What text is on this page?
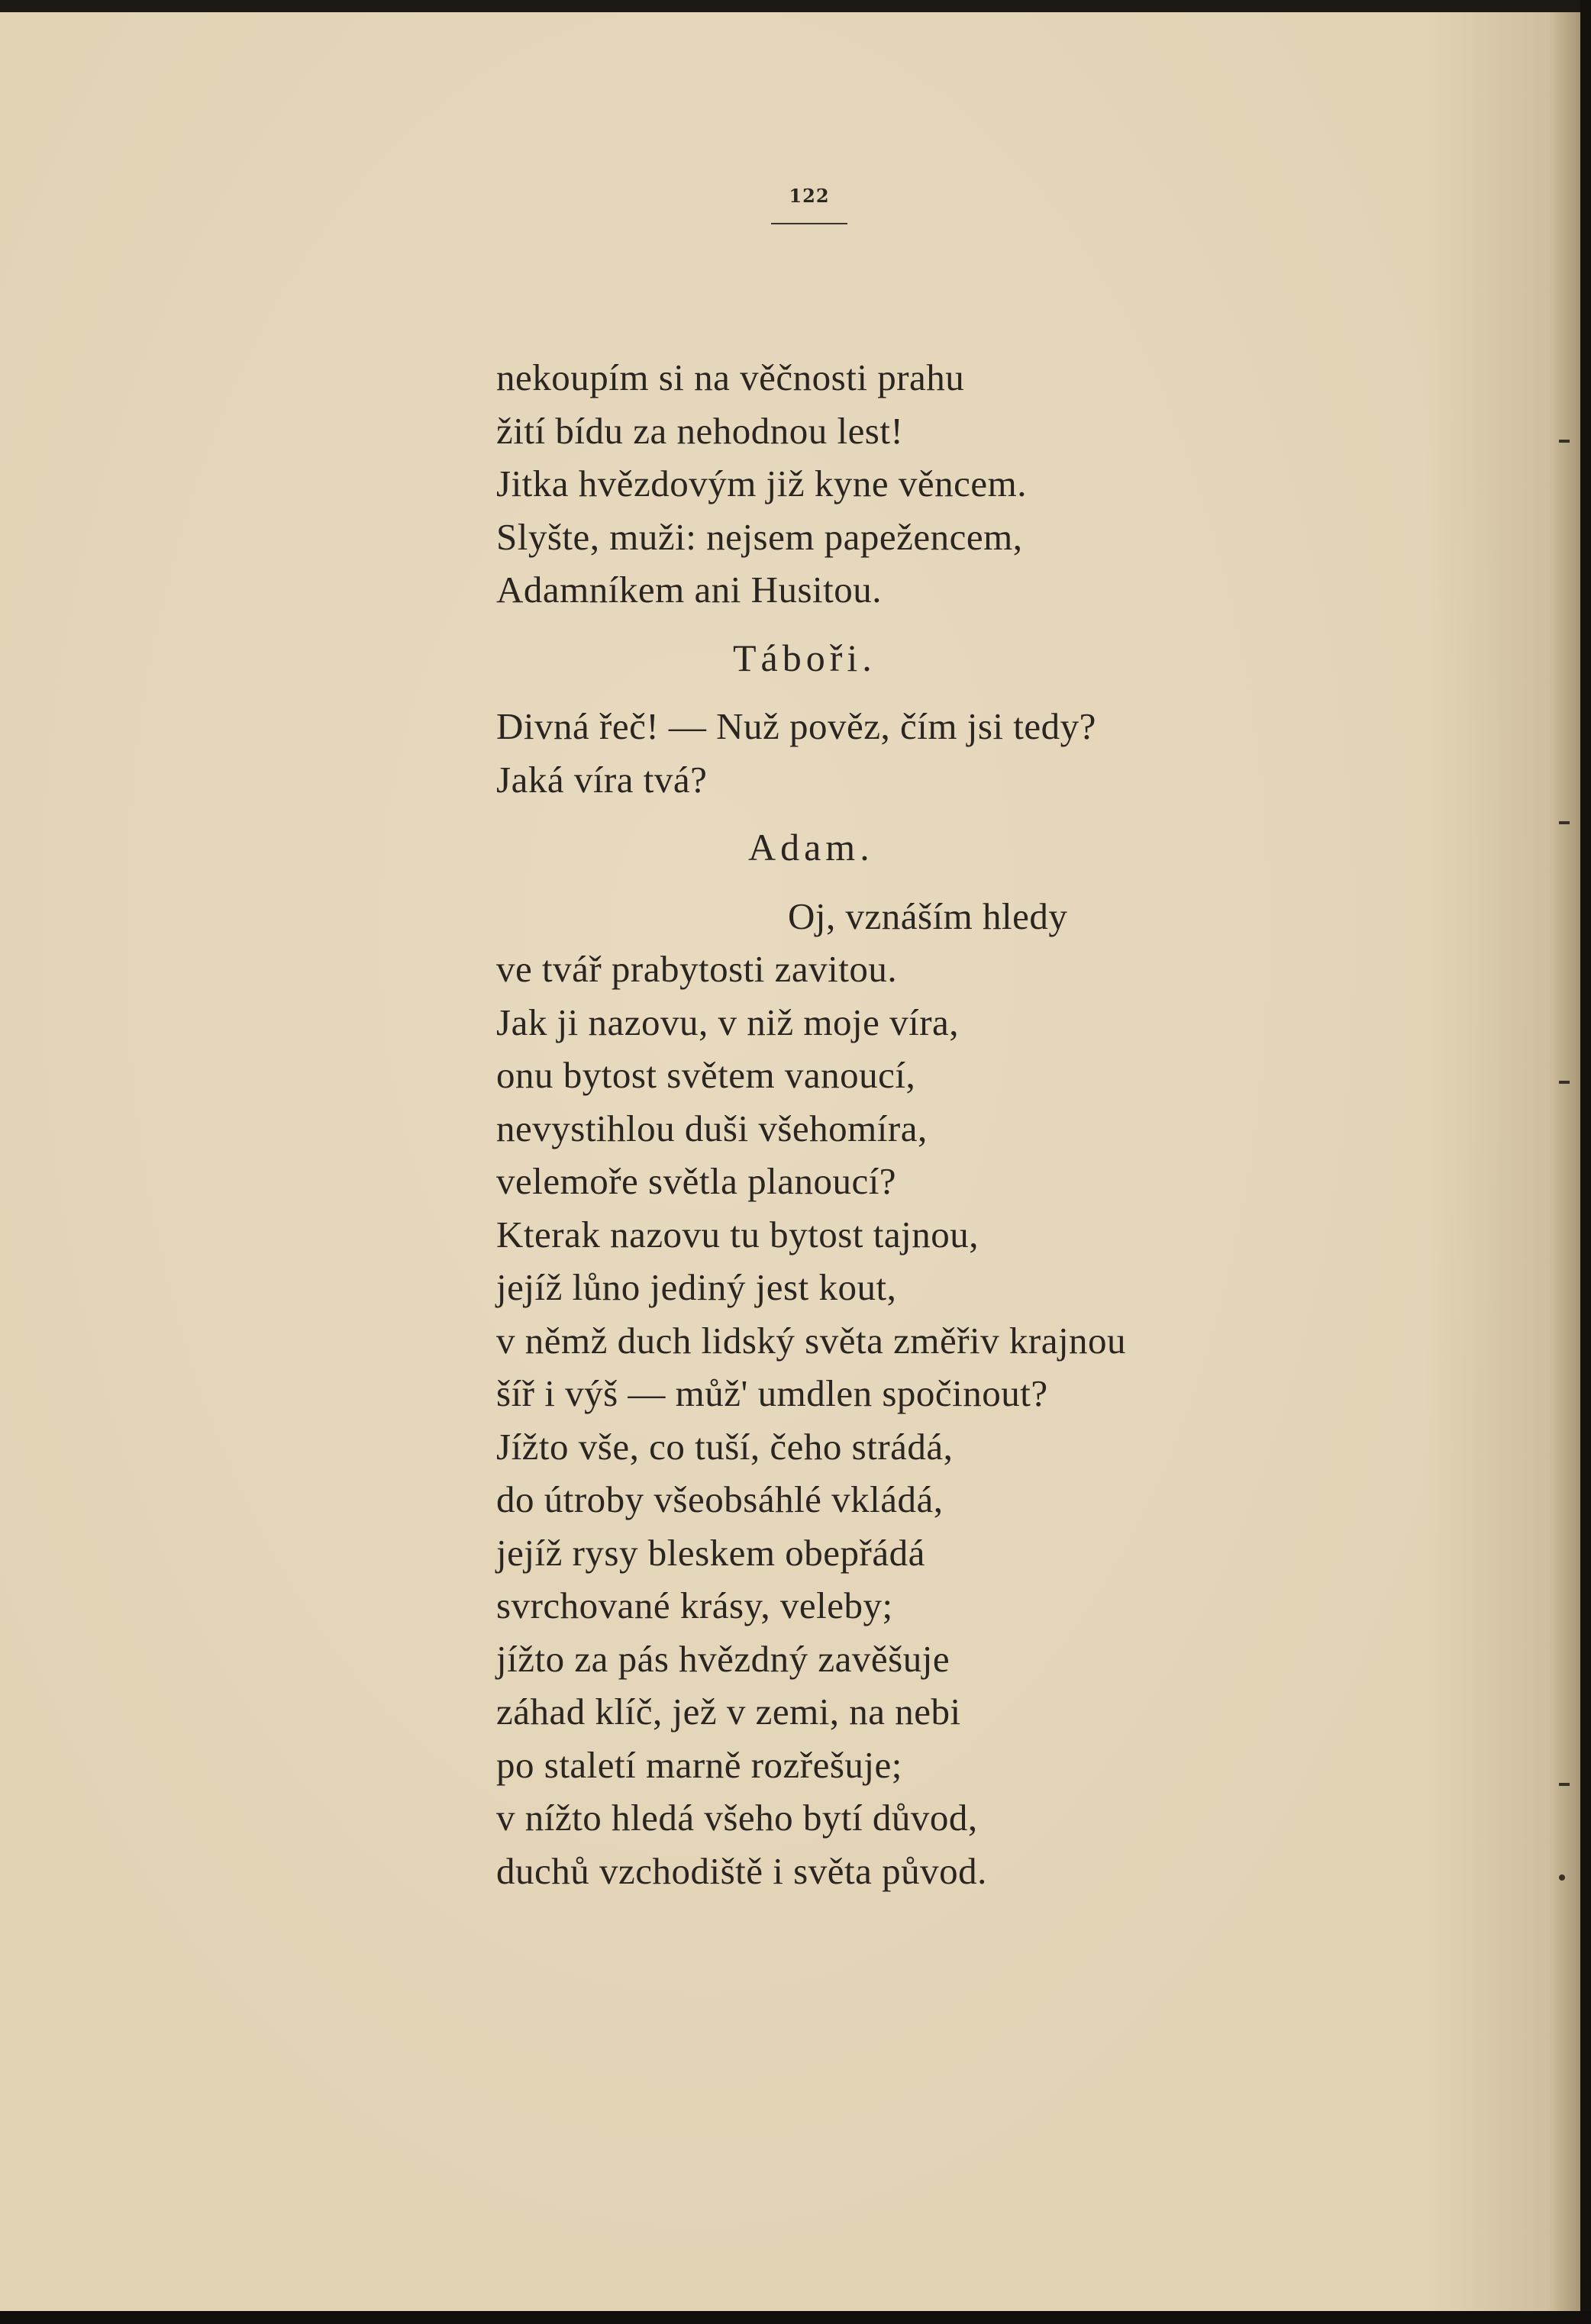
122
nekoupím si na věčnosti prahu
žití bídu za nehodnou lest!
Jitka hvězdovým již kyne věncem.
Slyšte, muži: nejsem papežencem,
Adamníkem ani Husitou.
Táboři.
Divná řeč! — Nuž pověz, čím jsi tedy?
Jaká víra tvá?
Adam.
Oj, vznáším hledy
ve tvář prabytosti zavitou.
Jak ji nazovu, v niž moje víra,
onu bytost světem vanoucí,
nevystihlou duši všehomíra,
velemoře světla planoucí?
Kterak nazovu tu bytost tajnou,
jejíž lůno jediný jest kout,
v němž duch lidský světa změřiv krajnou
šíř i výš — můž' umdlen spočinout?
Jížto vše, co tuší, čeho strádá,
do útroby všeobsáhlé vkládá,
jejíž rysy bleskem obepřádá
svrchované krásy, veleby;
jížto za pás hvězdný zavěšuje
záhad klíč, jež v zemi, na nebi
po staletí marně rozřešuje;
v nížto hledá všeho bytí důvod,
duchů vzchodiště i světa původ.
